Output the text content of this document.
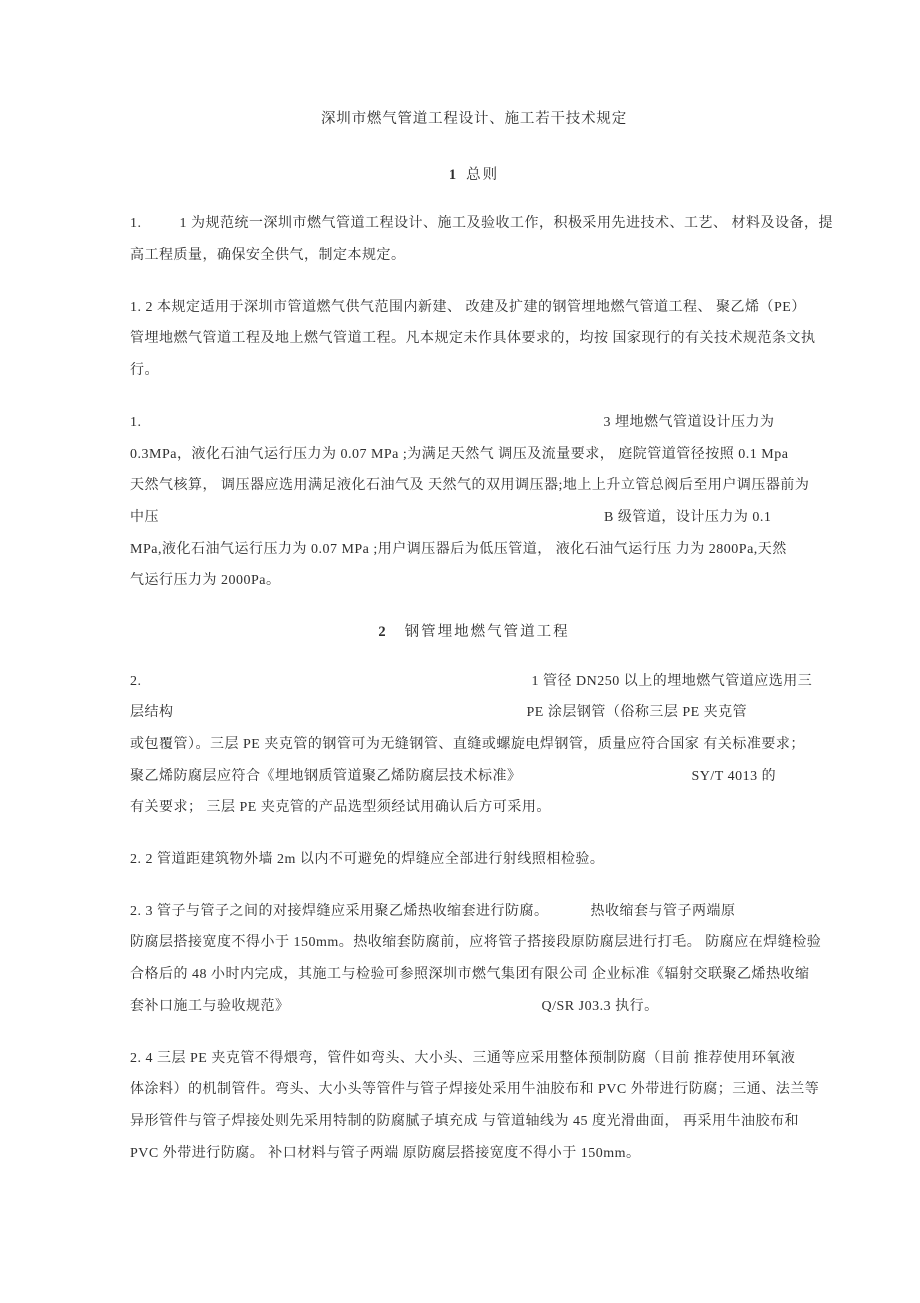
深圳市燃气管道工程设计、施工若干技术规定
1 总则
1.	1 为规范统一深圳市燃气管道工程设计、施工及验收工作，积极采用先进技术、工艺、 材料及设备，提
高工程质量，确保安全供气，制定本规定。
1. 2 本规定适用于深圳市管道燃气供气范围内新建、 改建及扩建的钢管埋地燃气管道工程、 聚乙烯（PE）
管埋地燃气管道工程及地上燃气管道工程。凡本规定未作具体要求的，均按 国家现行的有关技术规范条文执
行。
1.	3 埋地燃气管道设计压力为
0.3MPa，液化石油气运行压力为 0.07 MPa ;为满足天然气 调压及流量要求， 庭院管道管径按照 0.1 Mpa
天然气核算， 调压器应选用满足液化石油气及 天然气的双用调压器;地上上升立管总阀后至用户调压器前为
中压	B 级管道，设计压力为 0.1
MPa,液化石油气运行压力为 0.07 MPa ;用户调压器后为低压管道， 液化石油气运行压 力为 2800Pa,天然
气运行压力为 2000Pa。
2 钢管埋地燃气管道工程
2.	1 管径 DN250 以上的埋地燃气管道应选用三
层结构	PE 涂层钢管（俗称三层 PE 夹克管
或包覆管）。三层 PE 夹克管的钢管可为无缝钢管、直缝或螺旋电焊钢管，质量应符合国家 有关标准要求；
聚乙烯防腐层应符合《埋地钢质管道聚乙烯防腐层技术标准》	SY/T 4013 的
有关要求； 三层 PE 夹克管的产品选型须经试用确认后方可采用。
2. 2 管道距建筑物外墙 2m 以内不可避免的焊缝应全部进行射线照相检验。
2. 3 管子与管子之间的对接焊缝应采用聚乙烯热收缩套进行防腐。	热收缩套与管子两端原
防腐层搭接宽度不得小于 150mm。热收缩套防腐前，应将管子搭接段原防腐层进行打毛。 防腐应在焊缝检验
合格后的 48 小时内完成，其施工与检验可参照深圳市燃气集团有限公司 企业标准《辐射交联聚乙烯热收缩
套补口施工与验收规范》	Q/SR J03.3 执行。
2. 4 三层 PE 夹克管不得煨弯，管件如弯头、大小头、三通等应采用整体预制防腐（目前 推荐使用环氧液
体涂料）的机制管件。弯头、大小头等管件与管子焊接处采用牛油胶布和 PVC 外带进行防腐；三通、法兰等
异形管件与管子焊接处则先采用特制的防腐腻子填充成 与管道轴线为 45 度光滑曲面， 再采用牛油胶布和
PVC 外带进行防腐。 补口材料与管子两端 原防腐层搭接宽度不得小于 150mm。
